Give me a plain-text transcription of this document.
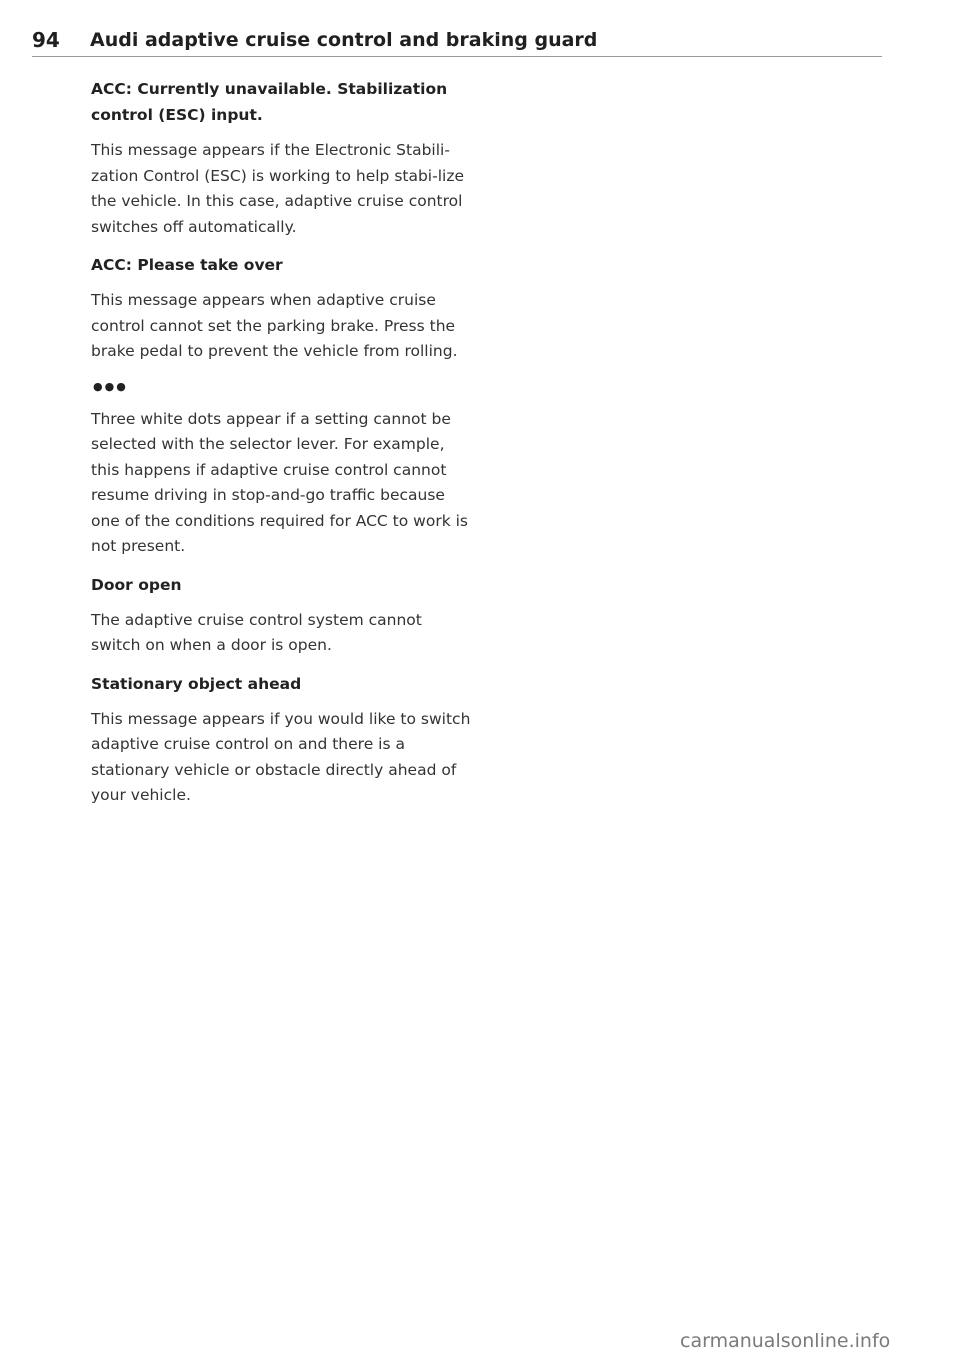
94	Audi adaptive cruise control and braking guard

ACC: Currently unavailable. Stabilization control (ESC) input.

This message appears if the Electronic Stabili-zation Control (ESC) is working to help stabi-lize the vehicle. In this case, adaptive cruise control switches off automatically.

ACC: Please take over

This message appears when adaptive cruise control cannot set the parking brake. Press the brake pedal to prevent the vehicle from rolling.

●●●

Three white dots appear if a setting cannot be selected with the selector lever. For example, this happens if adaptive cruise control cannot resume driving in stop-and-go traffic because one of the conditions required for ACC to work is not present.

Door open

The adaptive cruise control system cannot switch on when a door is open.

Stationary object ahead

This message appears if you would like to switch adaptive cruise control on and there is a stationary vehicle or obstacle directly ahead of your vehicle.

carmanualsonline.info
